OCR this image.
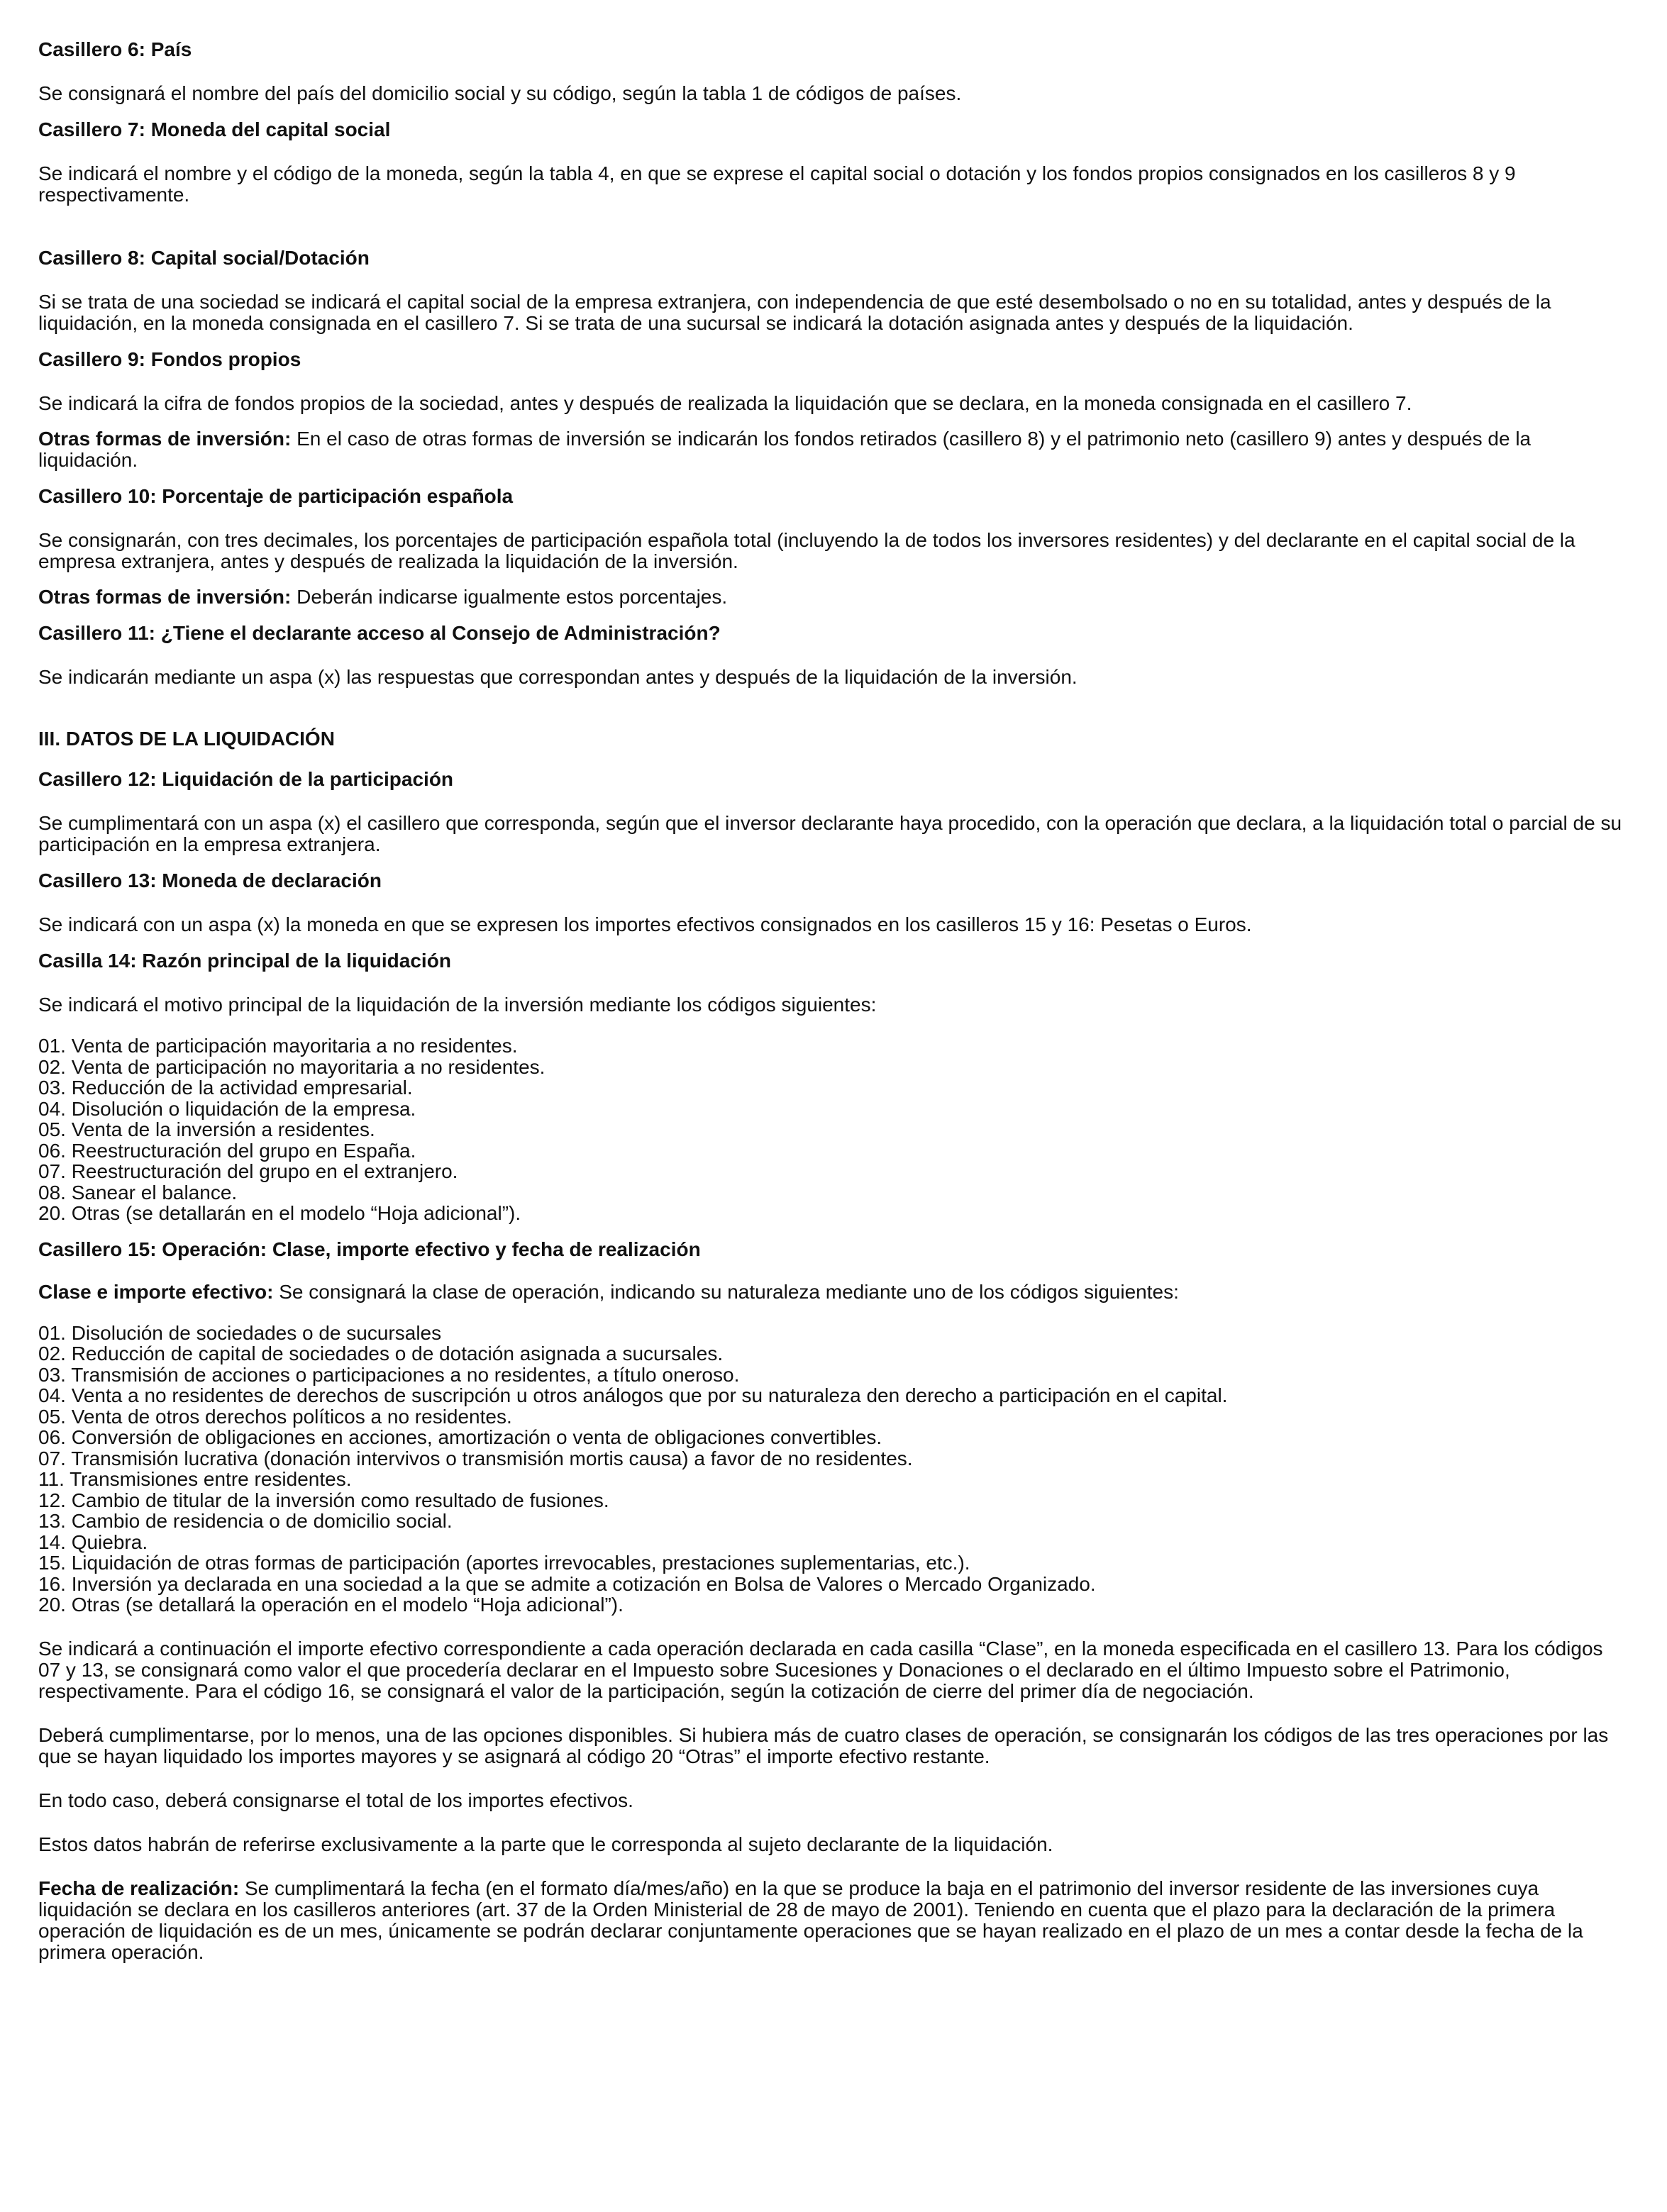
Casillero 6: País

Se consignará el nombre del país del domicilio social y su código, según la tabla 1 de códigos de países.

Casillero 7: Moneda del capital social

Se indicará el nombre y el código de la moneda, según la tabla 4, en que se exprese el capital social o dotación y los fondos propios consignados en los casilleros 8 y 9 respectivamente.

Casillero 8: Capital social/Dotación

Si se trata de una sociedad se indicará el capital social de la empresa extranjera, con independencia de que esté desembolsado o no en su totalidad, antes y después de la liquidación, en la moneda consignada en el casillero 7. Si se trata de una sucursal se indicará la dotación asignada antes y después de la liquidación.

Casillero 9: Fondos propios

Se indicará la cifra de fondos propios de la sociedad, antes y después de realizada la liquidación que se declara, en la moneda consignada en el casillero 7.

Otras formas de inversión: En el caso de otras formas de inversión se indicarán los fondos retirados (casillero 8) y el patrimonio neto (casillero 9) antes y después de la liquidación.

Casillero 10: Porcentaje de participación española

Se consignarán, con tres decimales, los porcentajes de participación española total (incluyendo la de todos los inversores residentes) y del declarante en el capital social de la empresa extranjera, antes y después de realizada la liquidación de la inversión.

Otras formas de inversión: Deberán indicarse igualmente estos porcentajes.

Casillero 11: ¿Tiene el declarante acceso al Consejo de Administración?

Se indicarán mediante un aspa (x) las respuestas que correspondan antes y después de la liquidación de la inversión.

III. DATOS DE LA LIQUIDACIÓN

Casillero 12: Liquidación de la participación

Se cumplimentará con un aspa (x) el casillero que corresponda, según que el inversor declarante haya procedido, con la operación que declara, a la liquidación total o parcial de su participación en la empresa extranjera.

Casillero 13: Moneda de declaración

Se indicará con un aspa (x) la moneda en que se expresen los importes efectivos consignados en los casilleros 15 y 16: Pesetas o Euros.

Casilla 14: Razón principal de la liquidación

Se indicará el motivo principal de la liquidación de la inversión mediante los códigos siguientes:

01. Venta de participación mayoritaria a no residentes.
02. Venta de participación no mayoritaria a no residentes.
03. Reducción de la actividad empresarial.
04. Disolución o liquidación de la empresa.
05. Venta de la inversión a residentes.
06. Reestructuración del grupo en España.
07. Reestructuración del grupo en el extranjero.
08. Sanear el balance.
20. Otras (se detallarán en el modelo “Hoja adicional”).

Casillero 15: Operación: Clase, importe efectivo y fecha de realización

Clase e importe efectivo: Se consignará la clase de operación, indicando su naturaleza mediante uno de los códigos siguientes:

01. Disolución de sociedades o de sucursales
02. Reducción de capital de sociedades o de dotación asignada a sucursales.
03. Transmisión de acciones o participaciones a no residentes, a título oneroso.
04. Venta a no residentes de derechos de suscripción u otros análogos que por su naturaleza den derecho a participación en el capital.
05. Venta de otros derechos políticos a no residentes.
06. Conversión de obligaciones en acciones, amortización o venta de obligaciones convertibles.
07. Transmisión lucrativa (donación intervivos o transmisión mortis causa) a favor de no residentes.
11. Transmisiones entre residentes.
12. Cambio de titular de la inversión como resultado de fusiones.
13. Cambio de residencia o de domicilio social.
14. Quiebra.
15. Liquidación de otras formas de participación (aportes irrevocables, prestaciones suplementarias, etc.).
16. Inversión ya declarada en una sociedad a la que se admite a cotización en Bolsa de Valores o Mercado Organizado.
20. Otras (se detallará la operación en el modelo “Hoja adicional”).

Se indicará a continuación el importe efectivo correspondiente a cada operación declarada en cada casilla “Clase”, en la moneda especificada en el casillero 13. Para los códigos 07 y 13, se consignará como valor el que procedería declarar en el Impuesto sobre Sucesiones y Donaciones o el declarado en el último Impuesto sobre el Patrimonio, respectivamente. Para el código 16, se consignará el valor de la participación, según la cotización de cierre del primer día de negociación.

Deberá cumplimentarse, por lo menos, una de las opciones disponibles. Si hubiera más de cuatro clases de operación, se consignarán los códigos de las tres operaciones por las que se hayan liquidado los importes mayores y se asignará al código 20 “Otras” el importe efectivo restante.

En todo caso, deberá consignarse el total de los importes efectivos.

Estos datos habrán de referirse exclusivamente a la parte que le corresponda al sujeto declarante de la liquidación.

Fecha de realización: Se cumplimentará la fecha (en el formato día/mes/año) en la que se produce la baja en el patrimonio del inversor residente de las inversiones cuya liquidación se declara en los casilleros anteriores (art. 37 de la Orden Ministerial de 28 de mayo de 2001). Teniendo en cuenta que el plazo para la declaración de la primera operación de liquidación es de un mes, únicamente se podrán declarar conjuntamente operaciones que se hayan realizado en el plazo de un mes a contar desde la fecha de la primera operación.
